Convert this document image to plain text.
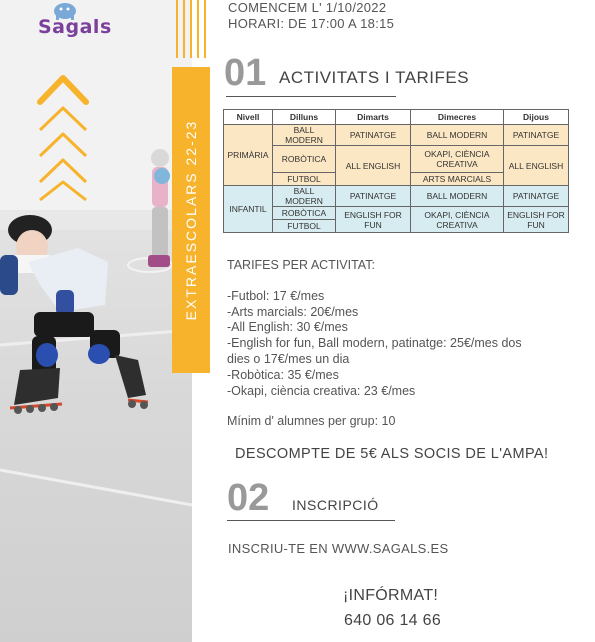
Sagals
EXTRAESCOLARS 22-23
COMENCEM L' 1/10/2022
HORARI: DE 17:00 A 18:15
01 ACTIVITATS I TARIFES
Nivell	Dilluns	Dimarts	Dimecres	Dijous
PRIMÀRIA	BALL MODERN	PATINATGE	BALL MODERN	PATINATGE
	ROBÒTICA	ALL ENGLISH	OKAPI, CIÈNCIA CREATIVA	ALL ENGLISH
	FUTBOL		ARTS MARCIALS	
INFANTIL	BALL MODERN	PATINATGE	BALL MODERN	PATINATGE
	ROBÒTICA	ENGLISH FOR FUN	OKAPI, CIÈNCIA CREATIVA	ENGLISH FOR FUN
	FUTBOL			
TARIFES PER ACTIVITAT:
-Futbol: 17 €/mes
-Arts marcials: 20€/mes
-All English: 30 €/mes
-English for fun, Ball modern, patinatge: 25€/mes dos
dies o 17€/mes un dia
-Robòtica: 35 €/mes
-Okapi, ciència creativa: 23 €/mes
Mínim d' alumnes per grup: 10
DESCOMPTE DE 5€ ALS SOCIS DE L'AMPA!
02 INSCRIPCIÓ
INSCRIU-TE EN WWW.SAGALS.ES
¡INFÓRMAT!
640 06 14 66
